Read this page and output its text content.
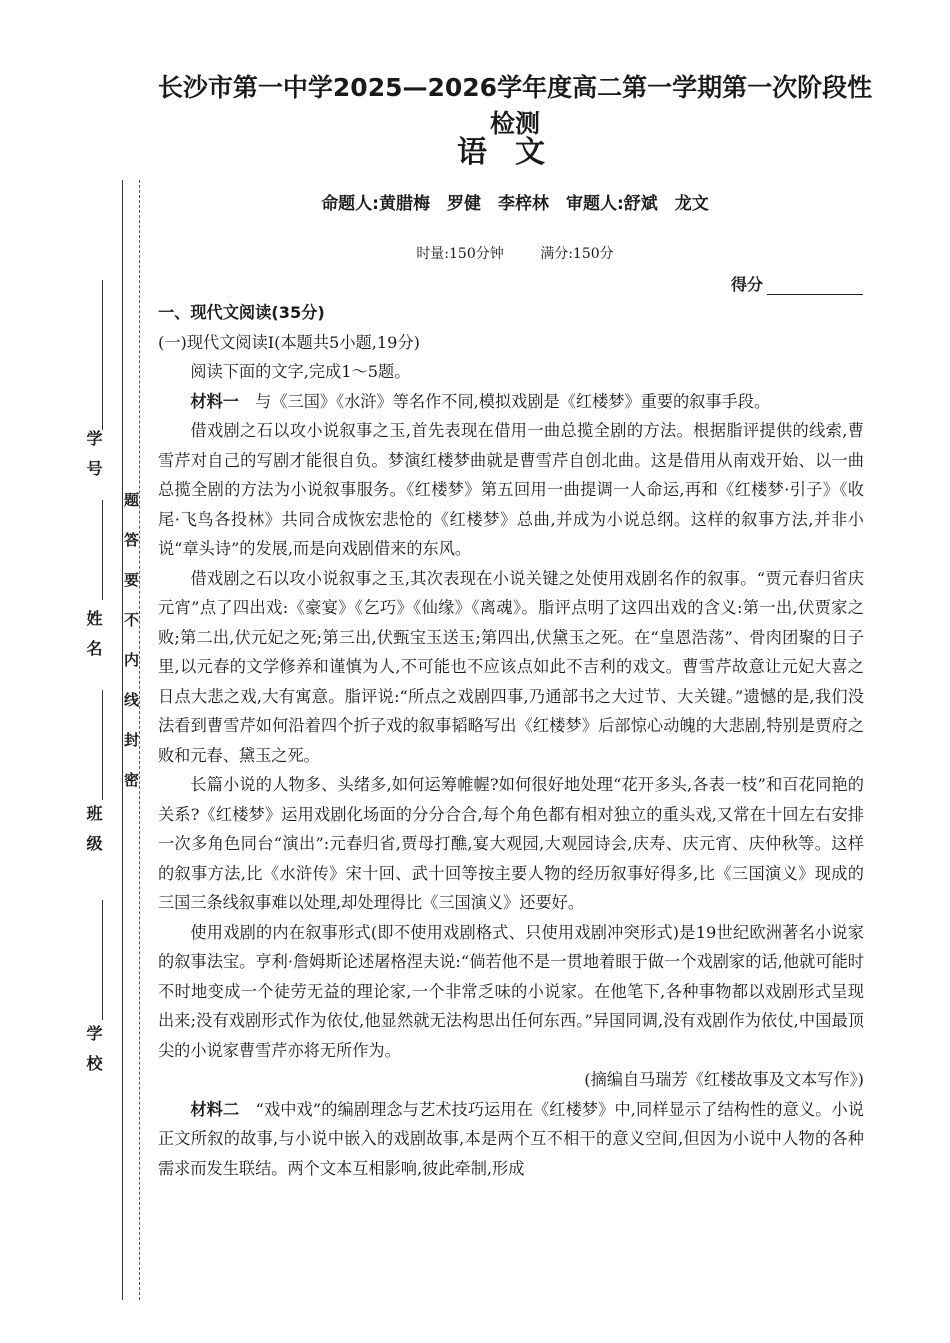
长沙市第一中学2025—2026学年度高二第一学期第一次阶段性检测
语文
命题人:黄腊梅　罗健　李梓林　审题人:舒斌　龙文
时量:150分钟	满分:150分
得分
学号
姓名
班级
学校
题
答
要
不
内
线
封
密

一、现代文阅读(35分)

(一)现代文阅读Ⅰ(本题共5小题,19分)

阅读下面的文字,完成1～5题。

材料一　 与《三国》《水浒》等名作不同,模拟戏剧是《红楼梦》重要的叙事手段。

借戏剧之石以攻小说叙事之玉,首先表现在借用一曲总揽全剧的方法。根据脂评提供的线索,曹雪芹对自己的写剧才能很自负。梦演红楼梦曲就是曹雪芹自创北曲。这是借用从南戏开始、以一曲总揽全剧的方法为小说叙事服务。《红楼梦》第五回用一曲提调一人命运,再和《红楼梦·引子》《收尾·飞鸟各投林》共同合成恢宏悲怆的《红楼梦》总曲,并成为小说总纲。这样的叙事方法,并非小说“章头诗”的发展,而是向戏剧借来的东风。

借戏剧之石以攻小说叙事之玉,其次表现在小说关键之处使用戏剧名作的叙事。“贾元春归省庆元宵”点了四出戏:《豪宴》《乞巧》《仙缘》《离魂》。脂评点明了这四出戏的含义:第一出,伏贾家之败;第二出,伏元妃之死;第三出,伏甄宝玉送玉;第四出,伏黛玉之死。在“皇恩浩荡”、骨肉团聚的日子里,以元春的文学修养和谨慎为人,不可能也不应该点如此不吉利的戏文。曹雪芹故意让元妃大喜之日点大悲之戏,大有寓意。脂评说:“所点之戏剧四事,乃通部书之大过节、大关键。”遗憾的是,我们没法看到曹雪芹如何沿着四个折子戏的叙事韬略写出《红楼梦》后部惊心动魄的大悲剧,特别是贾府之败和元春、黛玉之死。

长篇小说的人物多、头绪多,如何运筹帷幄?如何很好地处理“花开多头,各表一枝”和百花同艳的关系?《红楼梦》运用戏剧化场面的分分合合,每个角色都有相对独立的重头戏,又常在十回左右安排一次多角色同台“演出”:元春归省,贾母打醮,宴大观园,大观园诗会,庆寿、庆元宵、庆仲秋等。这样的叙事方法,比《水浒传》宋十回、武十回等按主要人物的经历叙事好得多,比《三国演义》现成的三国三条线叙事难以处理,却处理得比《三国演义》还要好。

使用戏剧的内在叙事形式(即不使用戏剧格式、只使用戏剧冲突形式)是19世纪欧洲著名小说家的叙事法宝。亨利·詹姆斯论述屠格涅夫说:“倘若他不是一贯地着眼于做一个戏剧家的话,他就可能时不时地变成一个徒劳无益的理论家,一个非常乏味的小说家。在他笔下,各种事物都以戏剧形式呈现出来;没有戏剧形式作为依仗,他显然就无法构思出任何东西。”异国同调,没有戏剧作为依仗,中国最顶尖的小说家曹雪芹亦将无所作为。

(摘编自马瑞芳《红楼故事及文本写作》)

材料二　 “戏中戏”的编剧理念与艺术技巧运用在《红楼梦》中,同样显示了结构性的意义。小说正文所叙的故事,与小说中嵌入的戏剧故事,本是两个互不相干的意义空间,但因为小说中人物的各种需求而发生联结。两个文本互相影响,彼此牵制,形成
